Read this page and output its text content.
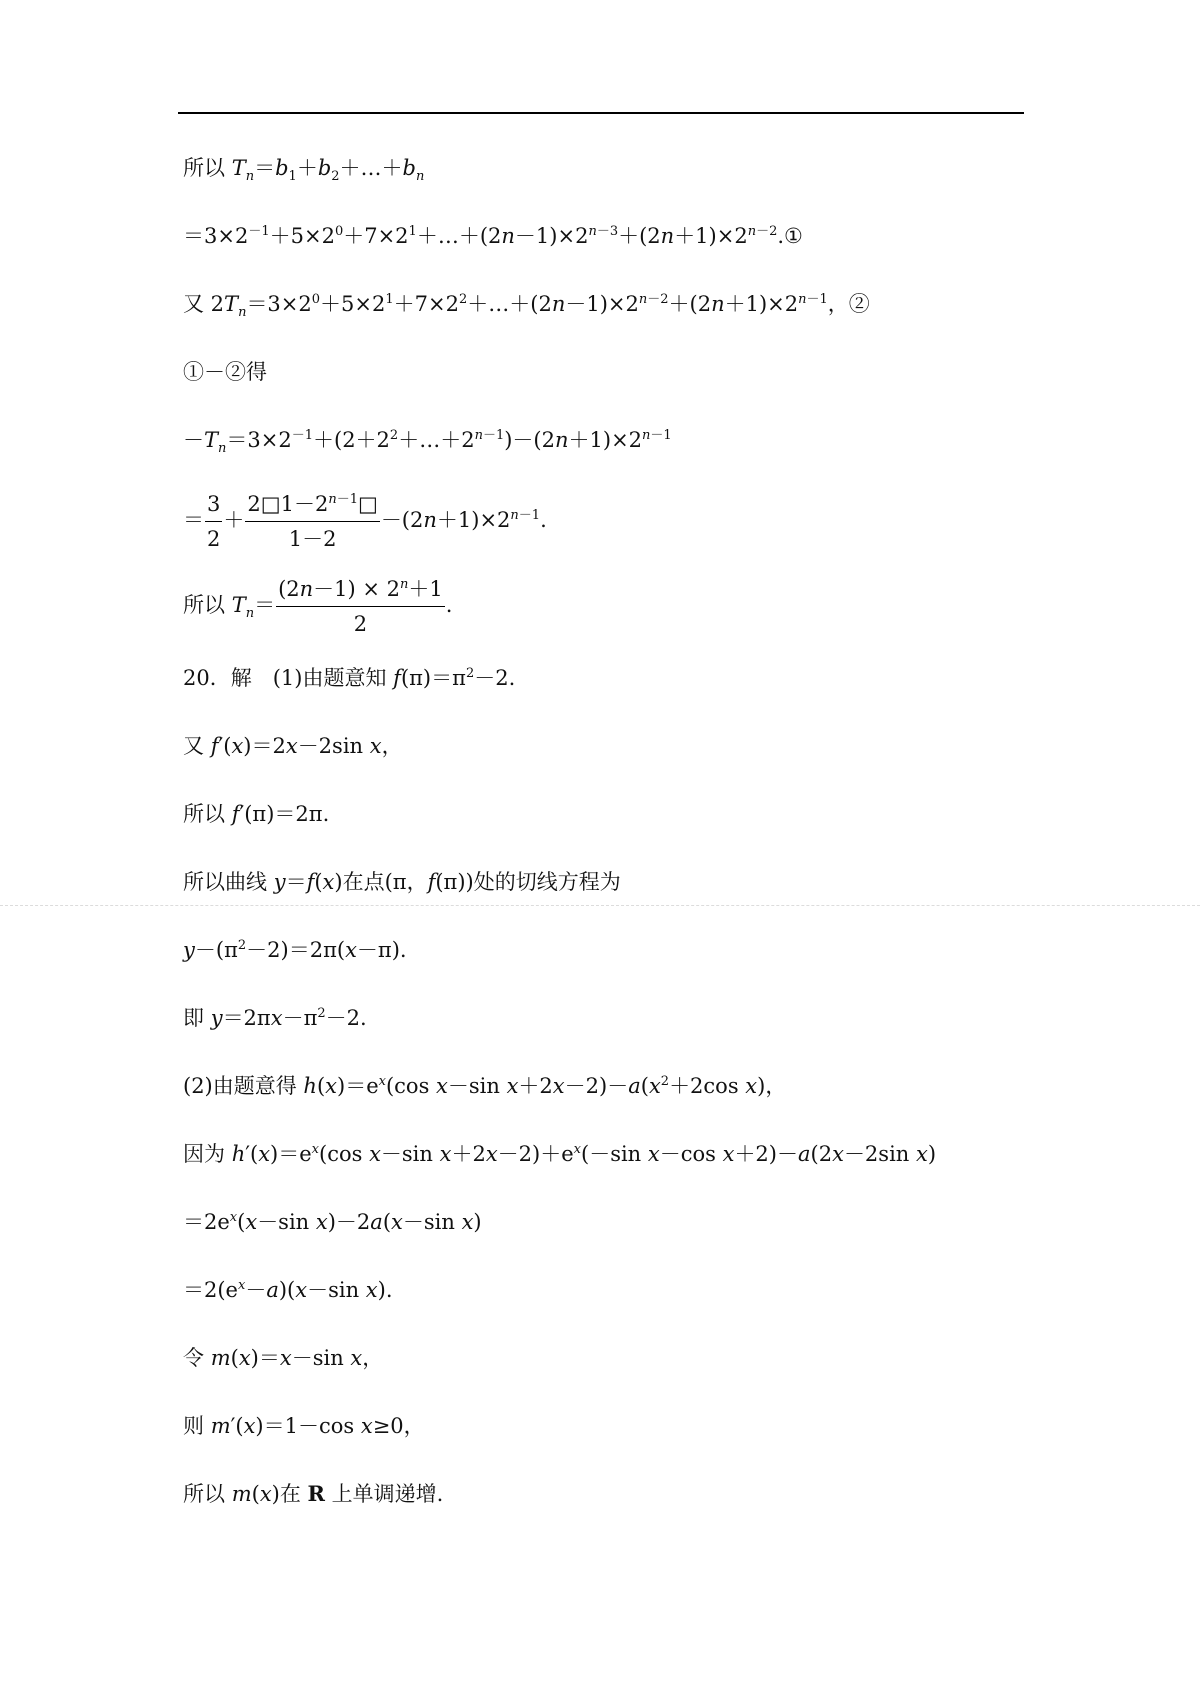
所以 $T_n=b_1+b_2+\dots+b_n$
$=3\times 2^{-1}+5\times 2^0+7\times 2^1+\dots+(2n-1)\times 2^{n-3}+(2n+1)\times 2^{n-2}.①$
又 $2T_n=3\times 2^0+5\times 2^1+7\times 2^2+\dots+(2n-1)\times 2^{n-2}+(2n+1)\times 2^{n-1}$，②
①－②得
$-T_n=3\times 2^{-1}+(2+2^2+\dots+2^{n-1})-(2n+1)\times 2^{n-1}$
＝ $\frac{3}{2} + \frac{2□1-2^{n-1}□}{1-2} -(2n+1)\times 2^{n-1}$.
所以 $T_n= \frac{(2n-1) \times 2^n+1}{2}$ .
20．解　(1)由题意知 $f(\pi)=\pi^2-2$.
又 f′(x)＝2x－2sin x，
所以 f′(π)＝2π.
所以曲线 y＝f(x)在点(π，f(π))处的切线方程为
$y-(\pi^2-2)=2\pi(x-\pi)$.
即 $y=2\pi x-\pi^2-2$.
(2)由题意得 $h(x)=e^x(\cos$ x－sin $x+2x-2)-a(x^2+2\cos$ x)，
因为 $h'(x)=e^x(\cos$ x－sin $x+2x-2)+e^x(-\sin$ x－cos x＋2)－a(2x－2sin x)
$=2e^x(x-\sin$ x)－2a(x－sin x)
$=2(e^x-a)(x-\sin$ x).
令 m(x)＝x－sin x，
则 m′(x)＝1－cos x≥0，
所以 m(x)在 R 上单调递增.
